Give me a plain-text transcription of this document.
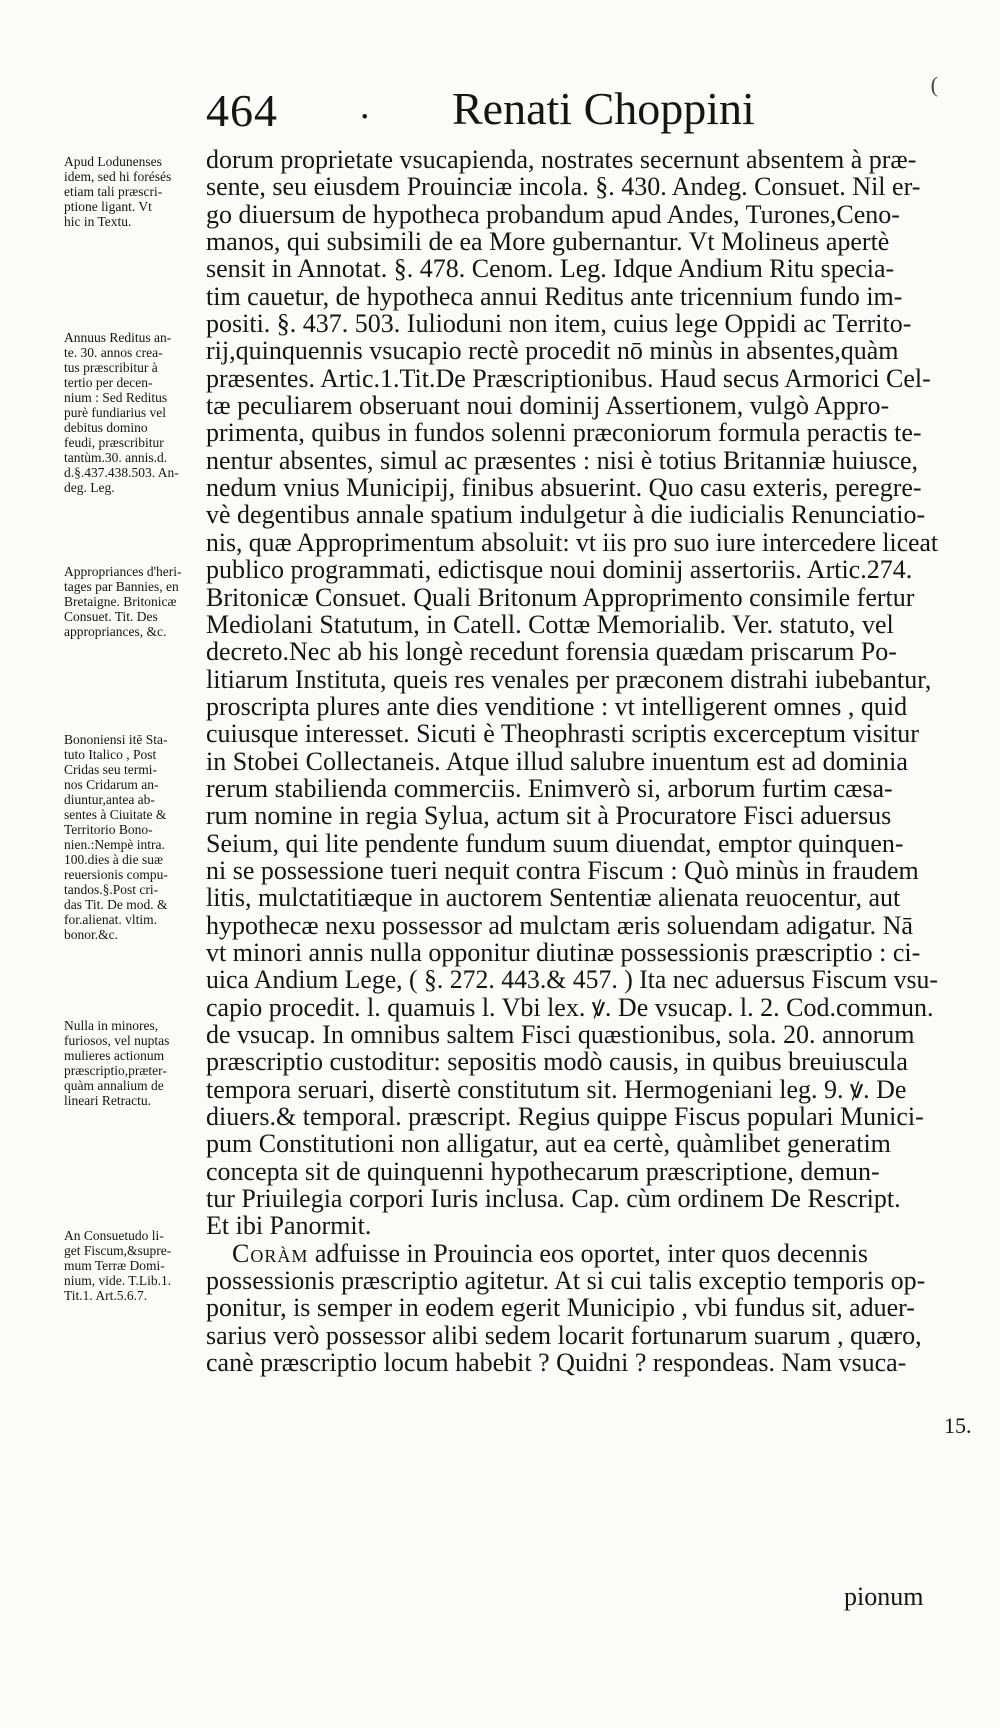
464 . Renati Choppini	(
Apud Lodunenses
idem, sed hi forésés
etiam tali præscri-
ptione ligant. Vt
hic in Textu.
Annuus Reditus an-
te. 30. annos crea-
tus præscribitur à
tertio per decen-
nium : Sed Reditus
purè fundiarius vel
debitus domino
feudi, præscribitur
tantùm.30. annis.d.
d.§.437.438.503. An-
deg. Leg.
Appropriances d'heri-
tages par Bannies, en
Bretaigne. Britonicæ
Consuet. Tit. Des
appropriances, &c.
Bononiensi itē Sta-
tuto Italico , Post
Cridas seu termi-
nos Cridarum an-
diuntur,antea ab-
sentes à Ciuitate &
Territorio Bono-
nien.:Nempè intra.
100.dies à die suæ
reuersionis compu-
tandos.§.Post cri-
das Tit. De mod. &
for.alienat. vltim.
bonor.&c.
Nulla in minores,
furiosos, vel nuptas
mulieres actionum
præscriptio,præter-
quàm annalium de
lineari Retractu.
An Consuetudo li-
get Fiscum,&supre-
mum Terræ Domi-
nium, vide. T.Lib.1.
Tit.1. Art.5.6.7.
dorum proprietate vsucapienda, nostrates secernunt absentem à præ-
sente, seu eiusdem Prouinciæ incola. §. 430. Andeg. Consuet. Nil er-
go diuersum de hypotheca probandum apud Andes, Turones,Ceno-
manos, qui subsimili de ea More gubernantur. Vt Molineus apertè
sensit in Annotat. §. 478. Cenom. Leg. Idque Andium Ritu specia-
tim cauetur, de hypotheca annui Reditus ante tricennium fundo im-
positi. §. 437. 503. Iulioduni non item, cuius lege Oppidi ac Territo-
rij,quinquennis vsucapio rectè procedit nō minùs in absentes,quàm
præsentes. Artic.1.Tit.De Præscriptionibus. Haud secus Armorici Cel-
tæ peculiarem obseruant noui dominij Assertionem, vulgò Appro-
primenta, quibus in fundos solenni præconiorum formula peractis te-
nentur absentes, simul ac præsentes : nisi è totius Britanniæ huiusce,
nedum vnius Municipij, finibus absuerint. Quo casu exteris, peregre-
vè degentibus annale spatium indulgetur à die iudicialis Renunciatio-
nis, quæ Approprimentum absoluit: vt iis pro suo iure intercedere liceat
publico programmati, edictisque noui dominij assertoriis. Artic.274.
Britonicæ Consuet. Quali Britonum Approprimento consimile fertur
Mediolani Statutum, in Catell. Cottæ Memorialib. Ver. statuto, vel
decreto.Nec ab his longè recedunt forensia quædam priscarum Po-
litiarum Instituta, queis res venales per præconem distrahi iubebantur,
proscripta plures ante dies venditione : vt intelligerent omnes , quid
cuiusque interesset. Sicuti è Theophrasti scriptis excerceptum visitur
in Stobei Collectaneis. Atque illud salubre inuentum est ad dominia
rerum stabilienda commerciis. Enimverò si, arborum furtim cæsa-
rum nomine in regia Sylua, actum sit à Procuratore Fisci aduersus
Seium, qui lite pendente fundum suum diuendat, emptor quinquen-
ni se possessione tueri nequit contra Fiscum : Quò minùs in fraudem
litis, mulctatitiæque in auctorem Sententiæ alienata reuocentur, aut
hypothecæ nexu possessor ad mulctam æris soluendam adigatur. Nā
vt minori annis nulla opponitur diutinæ possessionis præscriptio : ci-
uica Andium Lege, ( §. 272. 443.& 457. ) Ita nec aduersus Fiscum vsu-
capio procedit. l. quamuis l. Vbi lex. ꝟ. De vsucap. l. 2. Cod.commun.
de vsucap. In omnibus saltem Fisci quæstionibus, sola. 20. annorum
præscriptio custoditur: sepositis modò causis, in quibus breuiuscula
tempora seruari, disertè constitutum sit. Hermogeniani leg. 9. ꝟ. De
diuers.& temporal. præscript. Regius quippe Fiscus populari Munici-
pum Constitutioni non alligatur, aut ea certè, quàmlibet generatim
concepta sit de quinquenni hypothecarum præscriptione, demun-
tur Priuilegia corpori Iuris inclusa. Cap. cùm ordinem De Rescript.
Et ibi Panormit.
Coràm adfuisse in Prouincia eos oportet, inter quos decennis
possessionis præscriptio agitetur. At si cui talis exceptio temporis op-
ponitur, is semper in eodem egerit Municipio , vbi fundus sit, aduer-
sarius verò possessor alibi sedem locarit fortunarum suarum , quæro,
canè præscriptio locum habebit ? Quidni ? respondeas. Nam vsuca-
15.
pionum
